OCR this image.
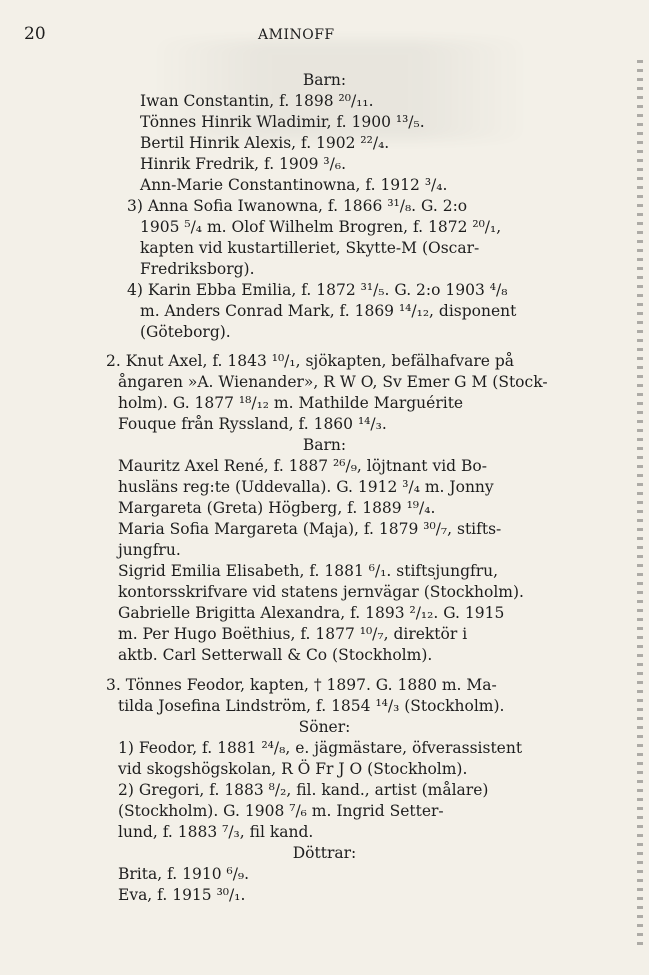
20	AMINOFF
Barn:
Iwan Constantin, f. 1898 ²⁰/₁₁.
Tönnes Hinrik Wladimir, f. 1900 ¹³/₅.
Bertil Hinrik Alexis, f. 1902 ²²/₄.
Hinrik Fredrik, f. 1909 ³/₆.
Ann-Marie Constantinowna, f. 1912 ³/₄.
3) Anna Sofia Iwanowna, f. 1866 ³¹/₈. G. 2:o
1905 ⁵/₄ m. Olof Wilhelm Brogren, f. 1872 ²⁰/₁,
kapten vid kustartilleriet, Skytte-M (Oscar-
Fredriksborg).
4) Karin Ebba Emilia, f. 1872 ³¹/₅. G. 2:o 1903 ⁴/₈
m. Anders Conrad Mark, f. 1869 ¹⁴/₁₂, disponent
(Göteborg).
2. Knut Axel, f. 1843 ¹⁰/₁, sjökapten, befälhafvare på
ångaren »A. Wienander», R W O, Sv Emer G M (Stock-
holm). G. 1877 ¹⁸/₁₂ m. Mathilde Marguérite
Fouque från Ryssland, f. 1860 ¹⁴/₃.
Barn:
Mauritz Axel René, f. 1887 ²⁶/₉, löjtnant vid Bo-
husläns reg:te (Uddevalla). G. 1912 ³/₄ m. Jonny
Margareta (Greta) Högberg, f. 1889 ¹⁹/₄.
Maria Sofia Margareta (Maja), f. 1879 ³⁰/₇, stifts-
jungfru.
Sigrid Emilia Elisabeth, f. 1881 ⁶/₁. stiftsjungfru,
kontorsskrifvare vid statens jernvägar (Stockholm).
Gabrielle Brigitta Alexandra, f. 1893 ²/₁₂. G. 1915
m. Per Hugo Boëthius, f. 1877 ¹⁰/₇, direktör i
aktb. Carl Setterwall & Co (Stockholm).
3. Tönnes Feodor, kapten, † 1897. G. 1880 m. Ma-
tilda Josefina Lindström, f. 1854 ¹⁴/₃ (Stockholm).
Söner:
1) Feodor, f. 1881 ²⁴/₈, e. jägmästare, öfverassistent
vid skogshögskolan, R Ö Fr J O (Stockholm).
2) Gregori, f. 1883 ⁸/₂, fil. kand., artist (målare)
(Stockholm). G. 1908 ⁷/₆ m. Ingrid Setter-
lund, f. 1883 ⁷/₃, fil kand.
Döttrar:
Brita, f. 1910 ⁶/₉.
Eva, f. 1915 ³⁰/₁.
